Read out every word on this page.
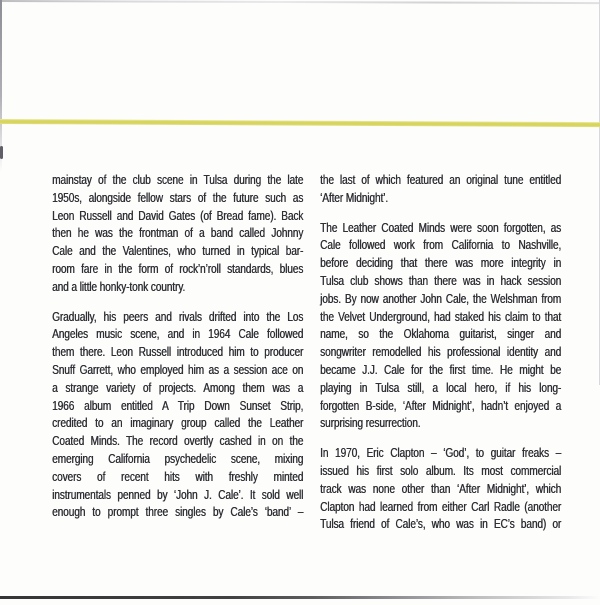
mainstay of the club scene in Tulsa during the late
1950s, alongside fellow stars of the future such as
Leon Russell and David Gates (of Bread fame). Back
then he was the frontman of a band called Johnny
Cale and the Valentines, who turned in typical bar-
room fare in the form of rock’n’roll standards, blues
and a little honky-tonk country.
Gradually, his peers and rivals drifted into the Los
Angeles music scene, and in 1964 Cale followed
them there. Leon Russell introduced him to producer
Snuff Garrett, who employed him as a session ace on
a strange variety of projects. Among them was a
1966 album entitled A Trip Down Sunset Strip,
credited to an imaginary group called the Leather
Coated Minds. The record overtly cashed in on the
emerging California psychedelic scene, mixing
covers of recent hits with freshly minted
instrumentals penned by ‘John J. Cale’. It sold well
enough to prompt three singles by Cale’s ‘band’ –
the last of which featured an original tune entitled
‘After Midnight’.
The Leather Coated Minds were soon forgotten, as
Cale followed work from California to Nashville,
before deciding that there was more integrity in
Tulsa club shows than there was in hack session
jobs. By now another John Cale, the Welshman from
the Velvet Underground, had staked his claim to that
name, so the Oklahoma guitarist, singer and
songwriter remodelled his professional identity and
became J.J. Cale for the first time. He might be
playing in Tulsa still, a local hero, if his long-
forgotten B-side, ‘After Midnight’, hadn’t enjoyed a
surprising resurrection.
In 1970, Eric Clapton – ‘God’, to guitar freaks –
issued his first solo album. Its most commercial
track was none other than ‘After Midnight’, which
Clapton had learned from either Carl Radle (another
Tulsa friend of Cale’s, who was in EC’s band) or
